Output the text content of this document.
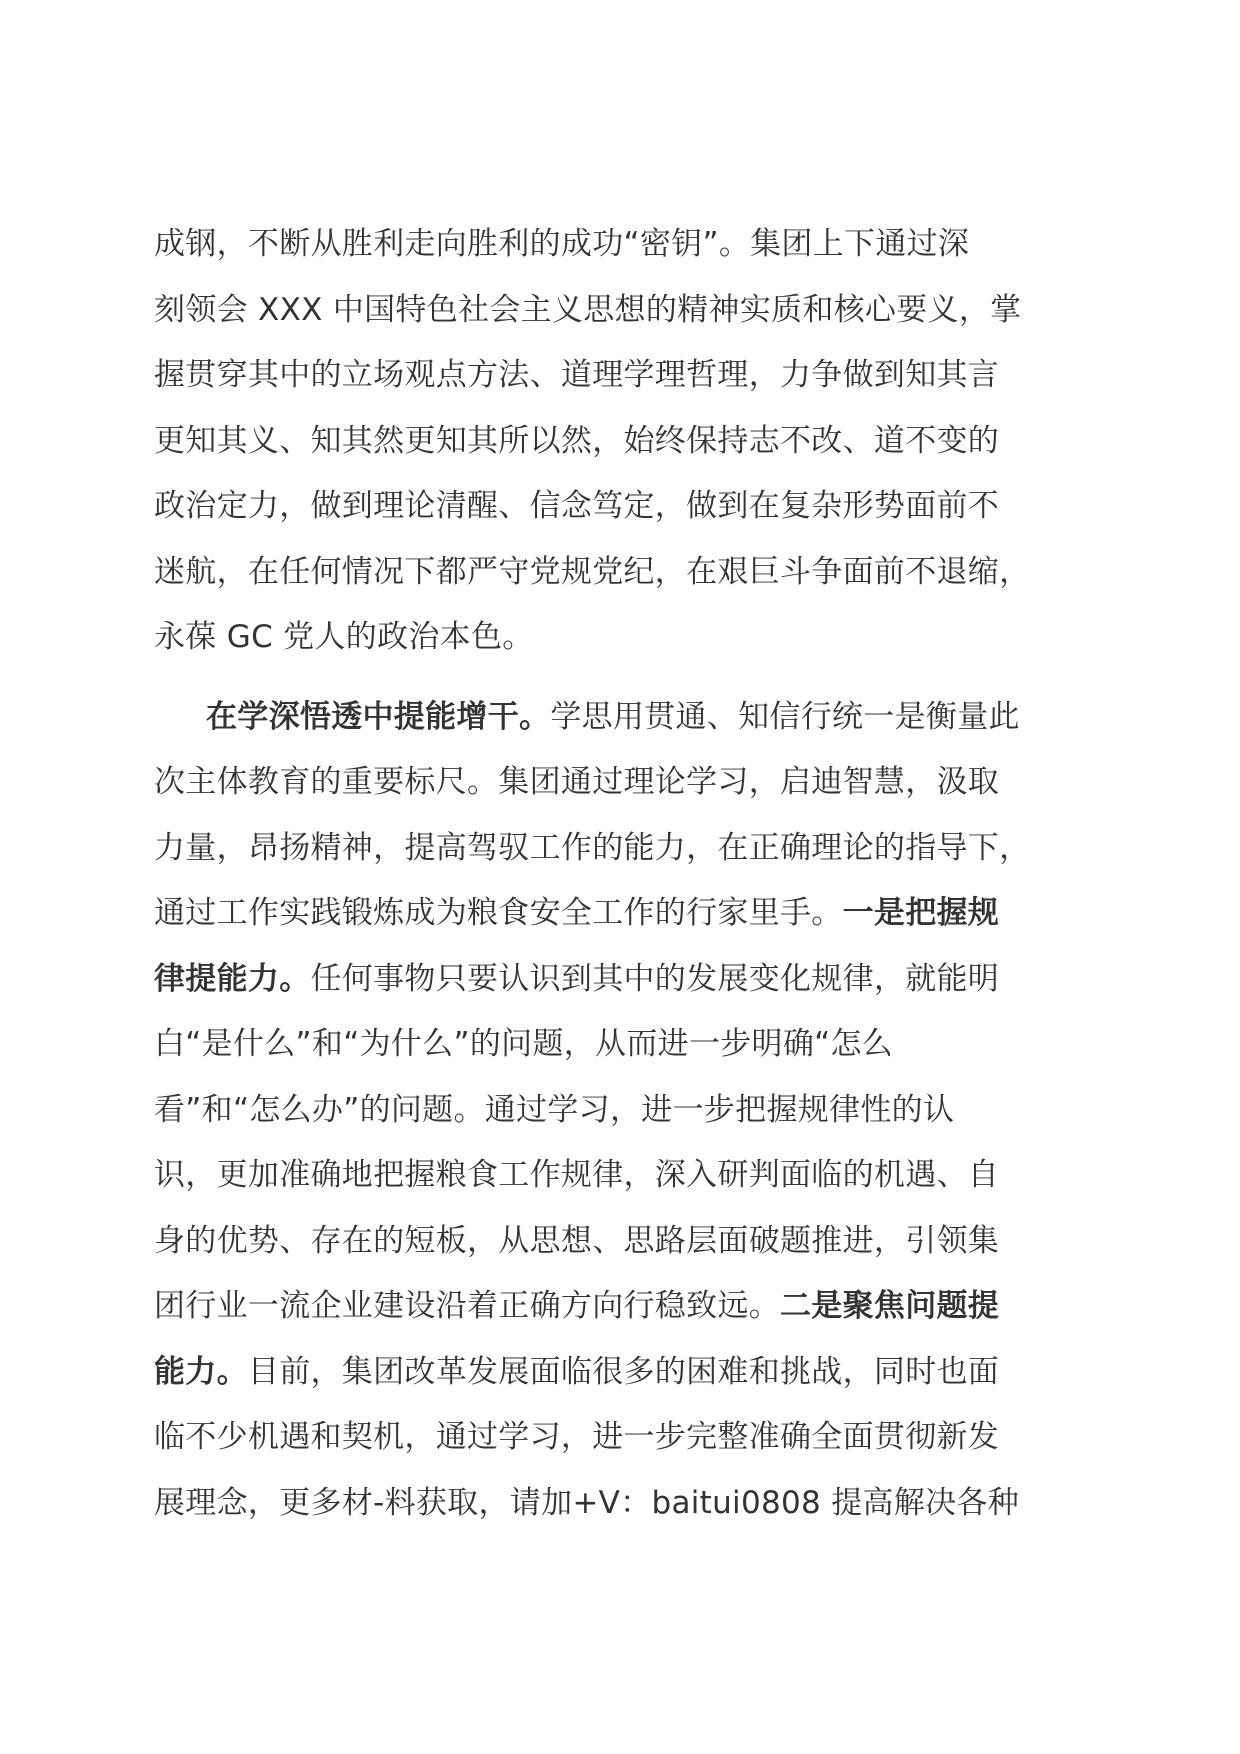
成钢，不断从胜利走向胜利的成功“密钥”。集团上下通过深
刻领会 XXX 中国特色社会主义思想的精神实质和核心要义，掌
握贯穿其中的立场观点方法、道理学理哲理，力争做到知其言
更知其义、知其然更知其所以然，始终保持志不改、道不变的
政治定力，做到理论清醒、信念笃定，做到在复杂形势面前不
迷航，在任何情况下都严守党规党纪，在艰巨斗争面前不退缩，
永葆 GC 党人的政治本色。
在学深悟透中提能增干。学思用贯通、知信行统一是衡量此
次主体教育的重要标尺。集团通过理论学习，启迪智慧，汲取
力量，昂扬精神，提高驾驭工作的能力，在正确理论的指导下，
通过工作实践锻炼成为粮食安全工作的行家里手。一是把握规
律提能力。任何事物只要认识到其中的发展变化规律，就能明
白“是什么”和“为什么”的问题，从而进一步明确“怎么
看”和“怎么办”的问题。通过学习，进一步把握规律性的认
识，更加准确地把握粮食工作规律，深入研判面临的机遇、自
身的优势、存在的短板，从思想、思路层面破题推进，引领集
团行业一流企业建设沿着正确方向行稳致远。二是聚焦问题提
能力。目前，集团改革发展面临很多的困难和挑战，同时也面
临不少机遇和契机，通过学习，进一步完整准确全面贯彻新发
展理念，更多材-料获取，请加+V：baitui0808 提高解决各种
